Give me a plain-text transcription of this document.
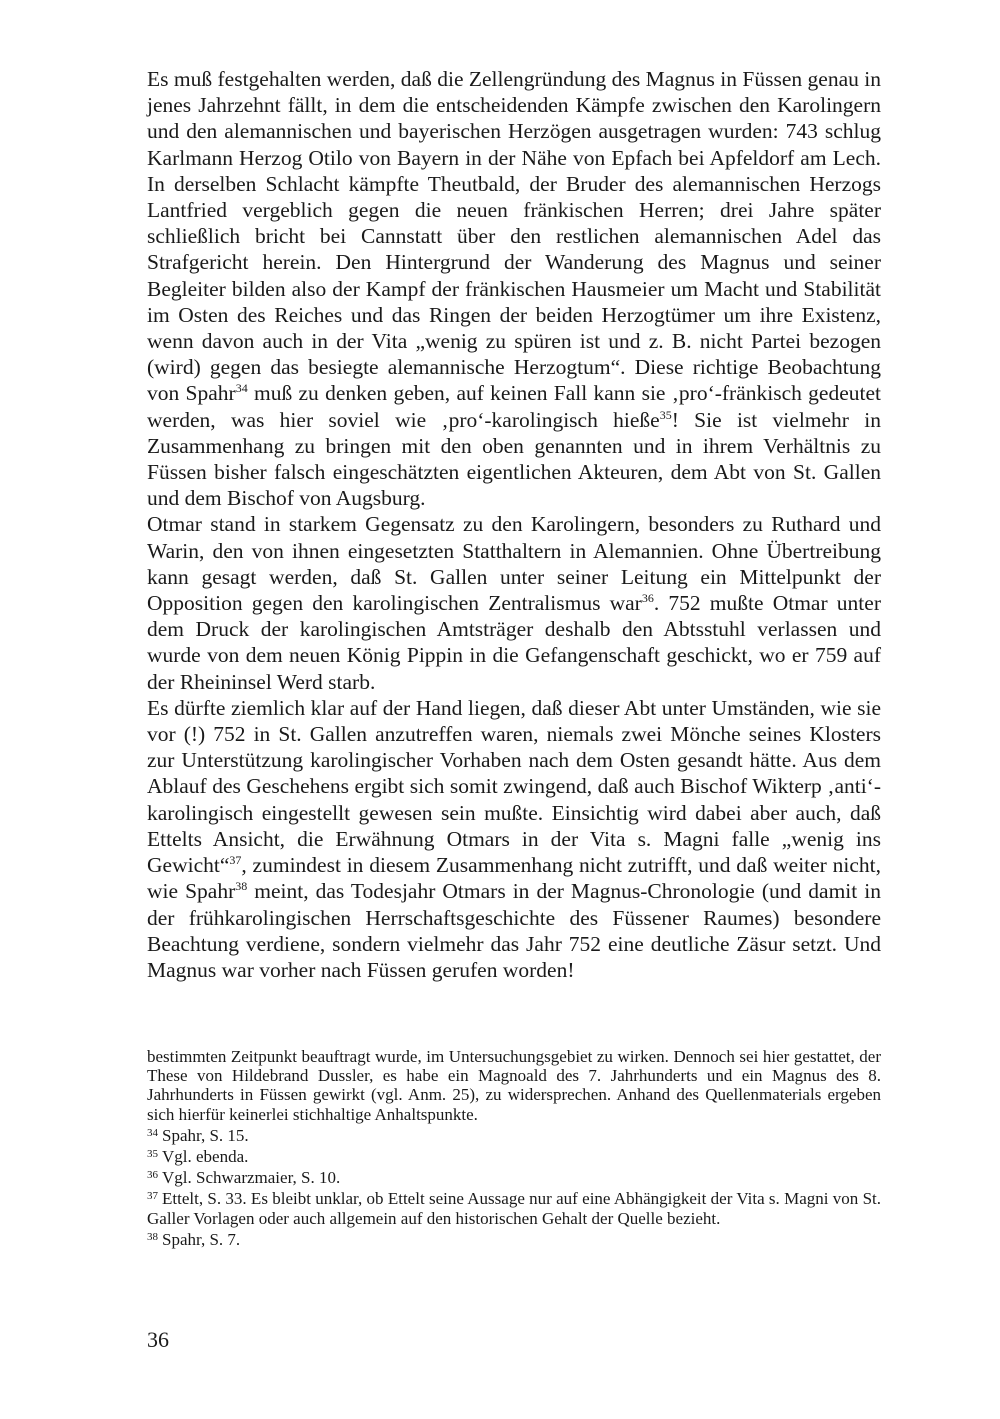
Es muß festgehalten werden, daß die Zellengründung des Magnus in Füssen genau in jenes Jahrzehnt fällt, in dem die entscheidenden Kämpfe zwischen den Karolingern und den alemannischen und bayerischen Herzögen ausgetragen wurden: 743 schlug Karlmann Herzog Otilo von Bayern in der Nähe von Epfach bei Apfeldorf am Lech. In derselben Schlacht kämpfte Theutbald, der Bruder des alemannischen Herzogs Lantfried vergeblich gegen die neuen fränkischen Herren; drei Jahre später schließlich bricht bei Cannstatt über den restlichen alemannischen Adel das Strafgericht herein. Den Hintergrund der Wanderung des Magnus und seiner Begleiter bilden also der Kampf der fränkischen Hausmeier um Macht und Stabilität im Osten des Reiches und das Ringen der beiden Herzogtümer um ihre Existenz, wenn davon auch in der Vita „wenig zu spüren ist und z. B. nicht Partei bezogen (wird) gegen das besiegte alemannische Herzogtum“. Diese richtige Beobachtung von Spahr$^{34}$ muß zu denken geben, auf keinen Fall kann sie ‚pro‘-fränkisch gedeutet werden, was hier soviel wie ‚pro‘-karolingisch hieße$^{35}$! Sie ist vielmehr in Zusammenhang zu bringen mit den oben genannten und in ihrem Verhältnis zu Füssen bisher falsch eingeschätzten eigentlichen Akteuren, dem Abt von St. Gallen und dem Bischof von Augsburg.

Otmar stand in starkem Gegensatz zu den Karolingern, besonders zu Ruthard und Warin, den von ihnen eingesetzten Statthaltern in Alemannien. Ohne Übertreibung kann gesagt werden, daß St. Gallen unter seiner Leitung ein Mittelpunkt der Opposition gegen den karolingischen Zentralismus war$^{36}$. 752 mußte Otmar unter dem Druck der karolingischen Amtsträger deshalb den Abtsstuhl verlassen und wurde von dem neuen König Pippin in die Gefangenschaft geschickt, wo er 759 auf der Rheininsel Werd starb.

Es dürfte ziemlich klar auf der Hand liegen, daß dieser Abt unter Umständen, wie sie vor (!) 752 in St. Gallen anzutreffen waren, niemals zwei Mönche seines Klosters zur Unterstützung karolingischer Vorhaben nach dem Osten gesandt hätte. Aus dem Ablauf des Geschehens ergibt sich somit zwingend, daß auch Bischof Wikterp ‚anti‘-karolingisch eingestellt gewesen sein mußte. Einsichtig wird dabei aber auch, daß Ettelts Ansicht, die Erwähnung Otmars in der Vita s. Magni falle „wenig ins Gewicht“$^{37}$, zumindest in diesem Zusammenhang nicht zutrifft, und daß weiter nicht, wie Spahr$^{38}$ meint, das Todesjahr Otmars in der Magnus-Chronologie (und damit in der frühkarolingischen Herrschaftsgeschichte des Füssener Raumes) besondere Beachtung verdiene, sondern vielmehr das Jahr 752 eine deutliche Zäsur setzt. Und Magnus war vorher nach Füssen gerufen worden!

bestimmten Zeitpunkt beauftragt wurde, im Untersuchungsgebiet zu wirken. Dennoch sei hier gestattet, der These von Hildebrand Dussler, es habe ein Magnoald des 7. Jahrhunderts und ein Magnus des 8. Jahrhunderts in Füssen gewirkt (vgl. Anm. 25), zu widersprechen. Anhand des Quellenmaterials ergeben sich hierfür keinerlei stichhaltige Anhaltspunkte.

$^{34}$ Spahr, S. 15.

$^{35}$ Vgl. ebenda.

$^{36}$ Vgl. Schwarzmaier, S. 10.

$^{37}$ Ettelt, S. 33. Es bleibt unklar, ob Ettelt seine Aussage nur auf eine Abhängigkeit der Vita s. Magni von St. Galler Vorlagen oder auch allgemein auf den historischen Gehalt der Quelle bezieht.

$^{38}$ Spahr, S. 7.

36
